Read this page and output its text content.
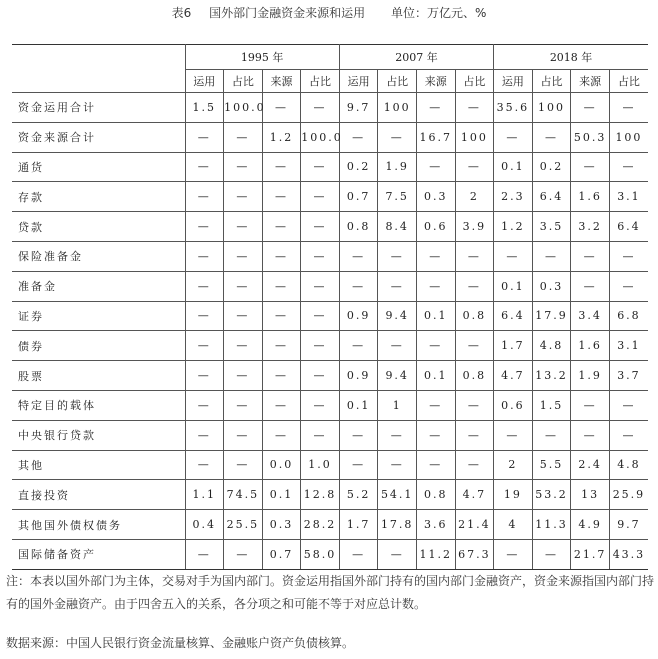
表6 国外部门金融资金来源和运用 单位：万亿元、%
	1995 年				2007 年				2018 年			
	运用	占比	来源	占比	运用	占比	来源	占比	运用	占比	来源	占比
资金运用合计	1.5	100.0	—	—	9.7	100	—	—	35.6	100	—	—
资金来源合计	—	—	1.2	100.0	—	—	16.7	100	—	—	50.3	100
通货	—	—	—	—	0.2	1.9	—	—	0.1	0.2	—	—
存款	—	—	—	—	0.7	7.5	0.3	2	2.3	6.4	1.6	3.1
贷款	—	—	—	—	0.8	8.4	0.6	3.9	1.2	3.5	3.2	6.4
保险准备金	—	—	—	—	—	—	—	—	—	—	—	—
准备金	—	—	—	—	—	—	—	—	0.1	0.3	—	—
证券	—	—	—	—	0.9	9.4	0.1	0.8	6.4	17.9	3.4	6.8
债券	—	—	—	—	—	—	—	—	1.7	4.8	1.6	3.1
股票	—	—	—	—	0.9	9.4	0.1	0.8	4.7	13.2	1.9	3.7
特定目的载体	—	—	—	—	0.1	1	—	—	0.6	1.5	—	—
中央银行贷款	—	—	—	—	—	—	—	—	—	—	—	—
其他	—	—	0.0	1.0	—	—	—	—	2	5.5	2.4	4.8
直接投资	1.1	74.5	0.1	12.8	5.2	54.1	0.8	4.7	19	53.2	13	25.9
其他国外债权债务	0.4	25.5	0.3	28.2	1.7	17.8	3.6	21.4	4	11.3	4.9	9.7
国际储备资产	—	—	0.7	58.0	—	—	11.2	67.3	—	—	21.7	43.3
注：本表以国外部门为主体，交易对手为国内部门。资金运用指国外部门持有的国内部门金融资产，资金来源指国内部门持有的国外金融资产。由于四舍五入的关系，各分项之和可能不等于对应总计数。
数据来源：中国人民银行资金流量核算、金融账户资产负债核算。
